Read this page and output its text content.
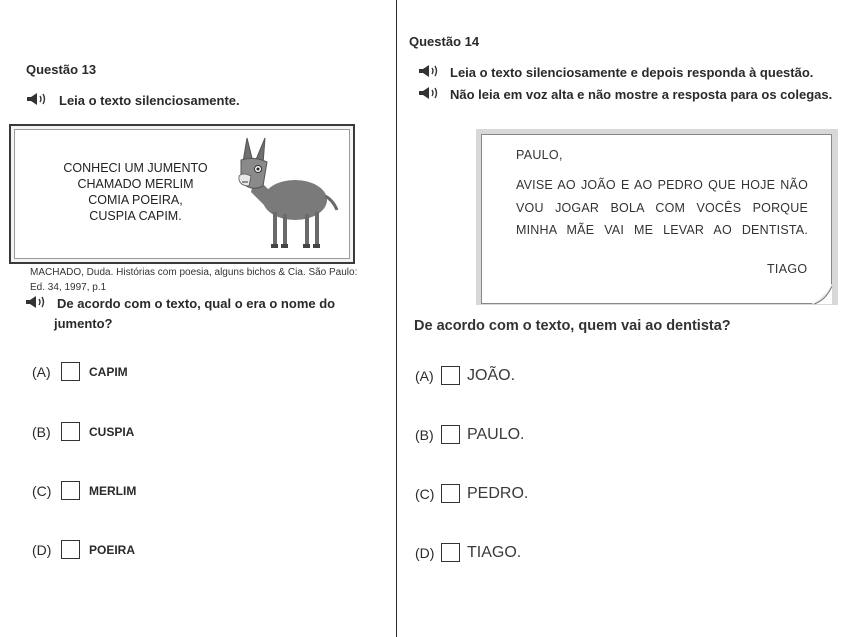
Questão 13
Leia o texto silenciosamente.
CONHECI UM JUMENTO
CHAMADO MERLIM
COMIA POEIRA,
CUSPIA CAPIM.
MACHADO, Duda. Histórias com poesia, alguns bichos & Cia. São Paulo:
Ed. 34, 1997, p.1
De acordo com o texto, qual o era o nome do
jumento?
(A)	CAPIM
(B)	CUSPIA
(C)	MERLIM
(D)	POEIRA
Questão 14
Leia o texto silenciosamente e depois responda à questão.
Não leia em voz alta e não mostre a resposta para os colegas.
PAULO,
AVISE AO JOÃO E AO PEDRO QUE HOJE NÃO
VOU JOGAR BOLA COM VOCÊS PORQUE
MINHA MÃE VAI ME LEVAR AO DENTISTA.
TIAGO
De acordo com o texto, quem vai ao dentista?
(A)	JOÃO.
(B)	PAULO.
(C)	PEDRO.
(D)	TIAGO.
